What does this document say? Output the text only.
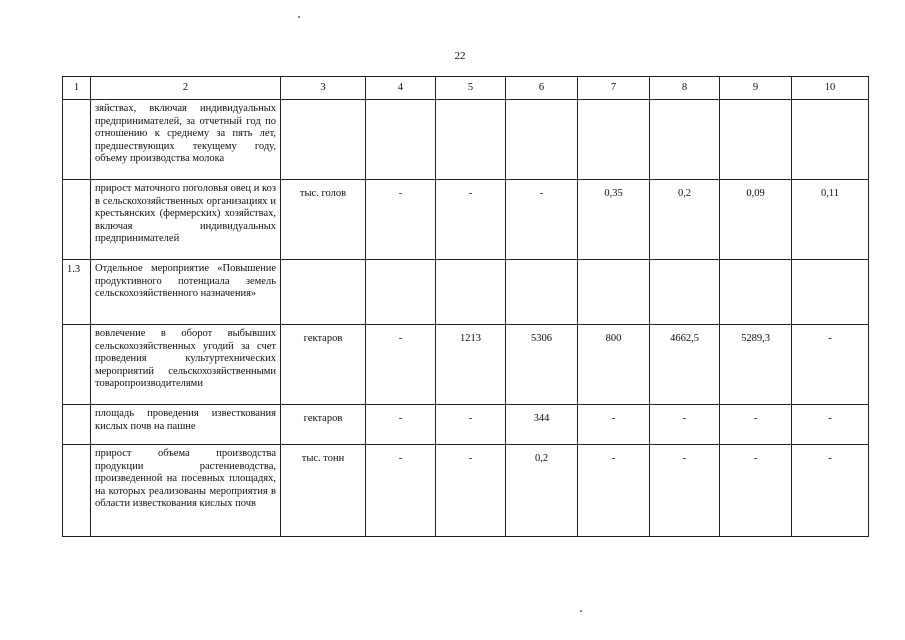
22
1	2	3	4	5	6	7	8	9	10
	зяйствах, включая индивидуальных предпринимателей, за отчетный год по отношению к среднему за пять лет, предшествующих текущему году, объему производства молока								
	прирост маточного поголовья овец и коз в сельскохозяйственных организациях и крестьянских (фермерских) хозяйствах, включая индивидуальных предпринимателей	тыс. голов	-	-	-	0,35	0,2	0,09	0,11
1.3	Отдельное мероприятие «Повышение продуктивного потенциала земель сельскохозяйственного назначения»								
	вовлечение в оборот выбывших сельскохозяйственных угодий за счет проведения культуртехнических мероприятий сельскохозяйственными товаропроизводителями	гектаров	-	1213	5306	800	4662,5	5289,3	-
	площадь проведения известкования кислых почв на пашне	гектаров	-	-	344	-	-	-	-
	прирост объема производства продукции растениеводства, произведенной на посевных площадях, на которых реализованы мероприятия в области известкования кислых почв	тыс. тонн	-	-	0,2	-	-	-	-
